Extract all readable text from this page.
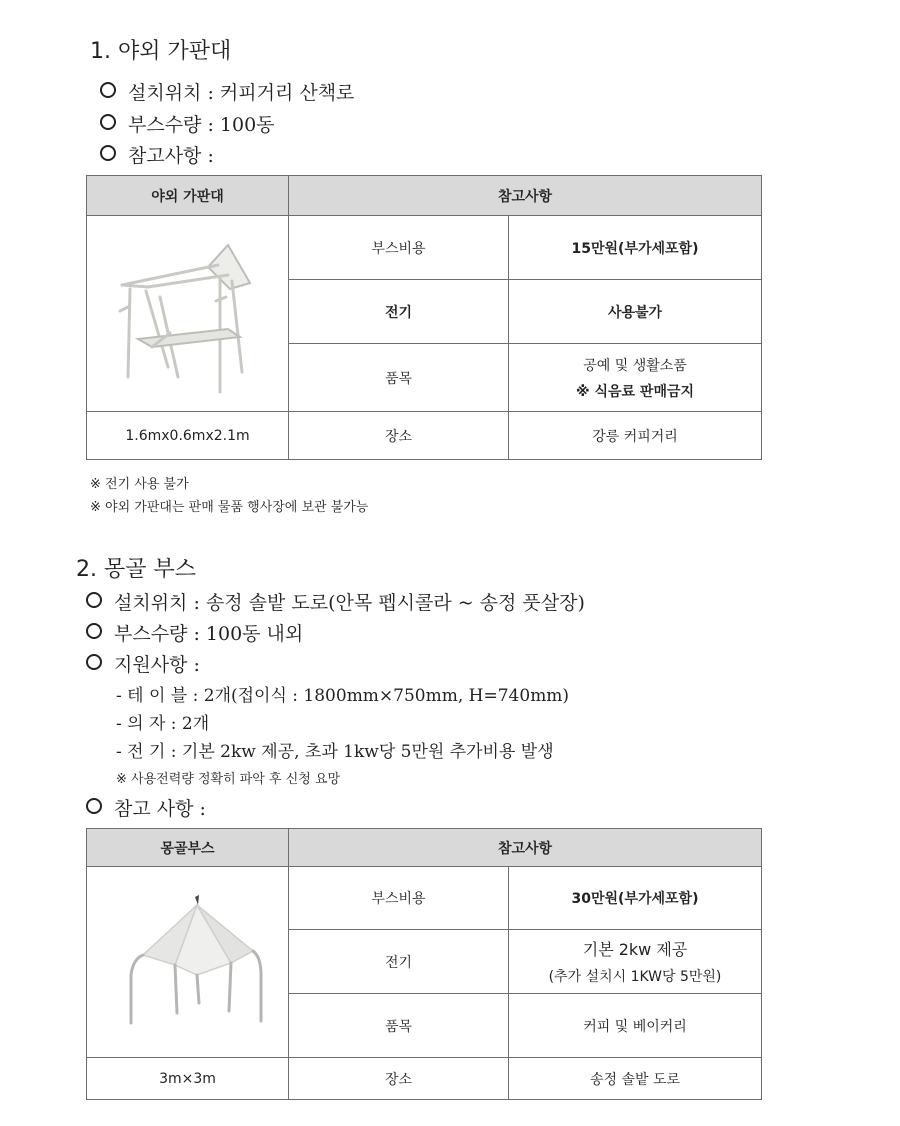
1. 야외 가판대
설치위치 : 커피거리 산책로
부스수량 : 100동
참고사항 :
야외 가판대	참고사항	
	부스비용	15만원(부가세포함)
	전기	사용불가
	품목	공예 및 생활소품
※ 식음료 판매금지

1.6mx0.6mx2.1m	장소	강릉 커피거리
※ 전기 사용 불가
※ 야외 가판대는 판매 물품 행사장에 보관 불가능
2. 몽골 부스
설치위치 : 송정 솔밭 도로(안목 펩시콜라 ~ 송정 풋살장)
부스수량 : 100동 내외
지원사항 :
- 테 이 블 : 2개(접이식 : 1800mm×750mm, H=740mm)
- 의 자 : 2개
- 전 기 : 기본 2kw 제공, 초과 1kw당 5만원 추가비용 발생
※ 사용전력량 정확히 파악 후 신청 요망
참고 사항 :
몽골부스	참고사항	
	부스비용	30만원(부가세포함)
	전기	기본 2kw 제공
(추가 설치시 1KW당 5만원)

	품목	커피 및 베이커리
3m×3m	장소	송정 솔밭 도로
